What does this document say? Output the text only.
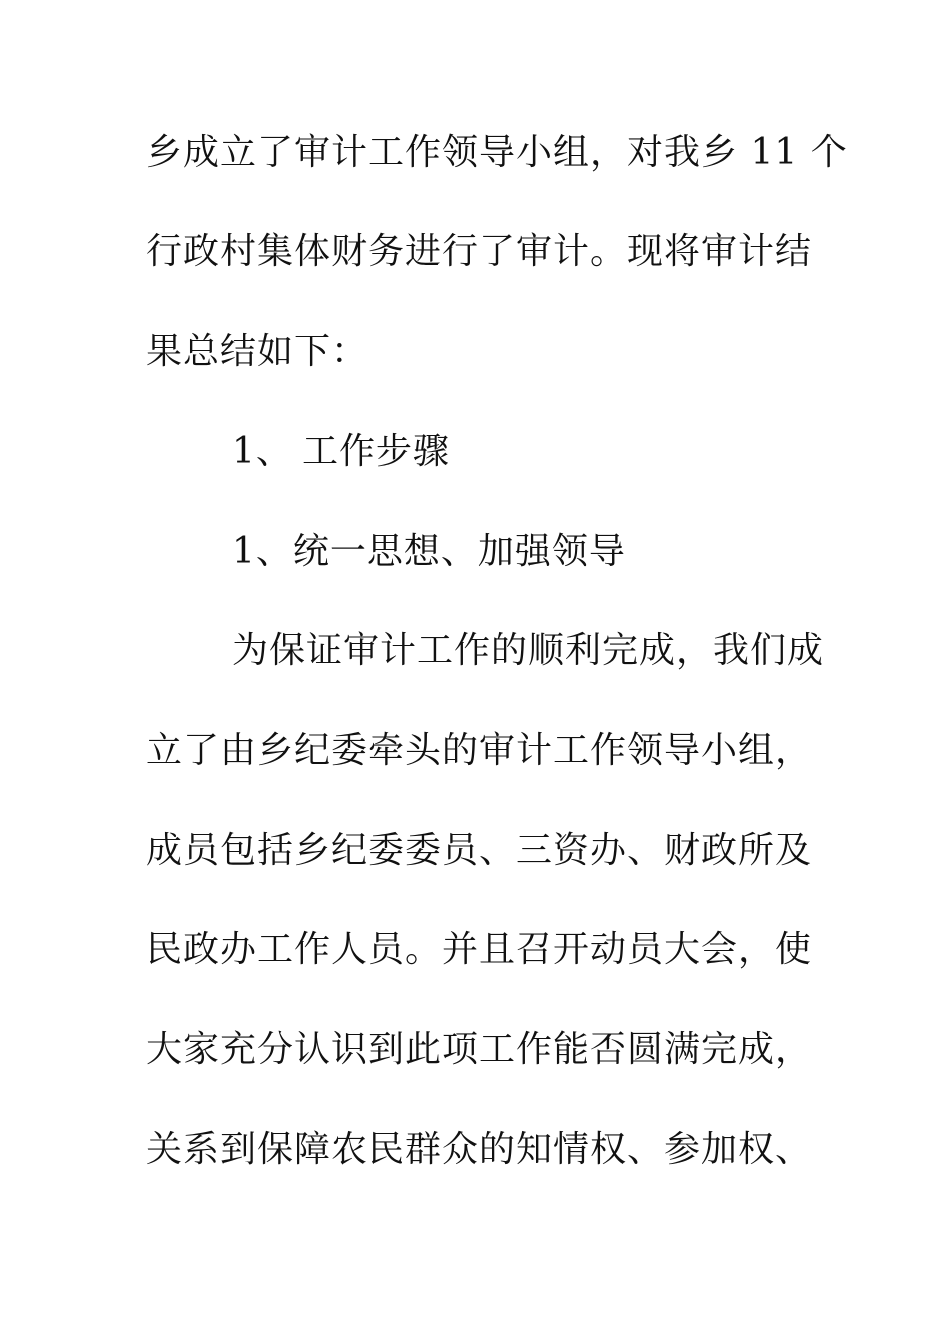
乡成立了审计工作领导小组，对我乡 11 个
行政村集体财务进行了审计。现将审计结
果总结如下：
1、 工作步骤
1、统一思想、加强领导
为保证审计工作的顺利完成，我们成
立了由乡纪委牵头的审计工作领导小组，
成员包括乡纪委委员、三资办、财政所及
民政办工作人员。并且召开动员大会，使
大家充分认识到此项工作能否圆满完成，
关系到保障农民群众的知情权、参加权、
